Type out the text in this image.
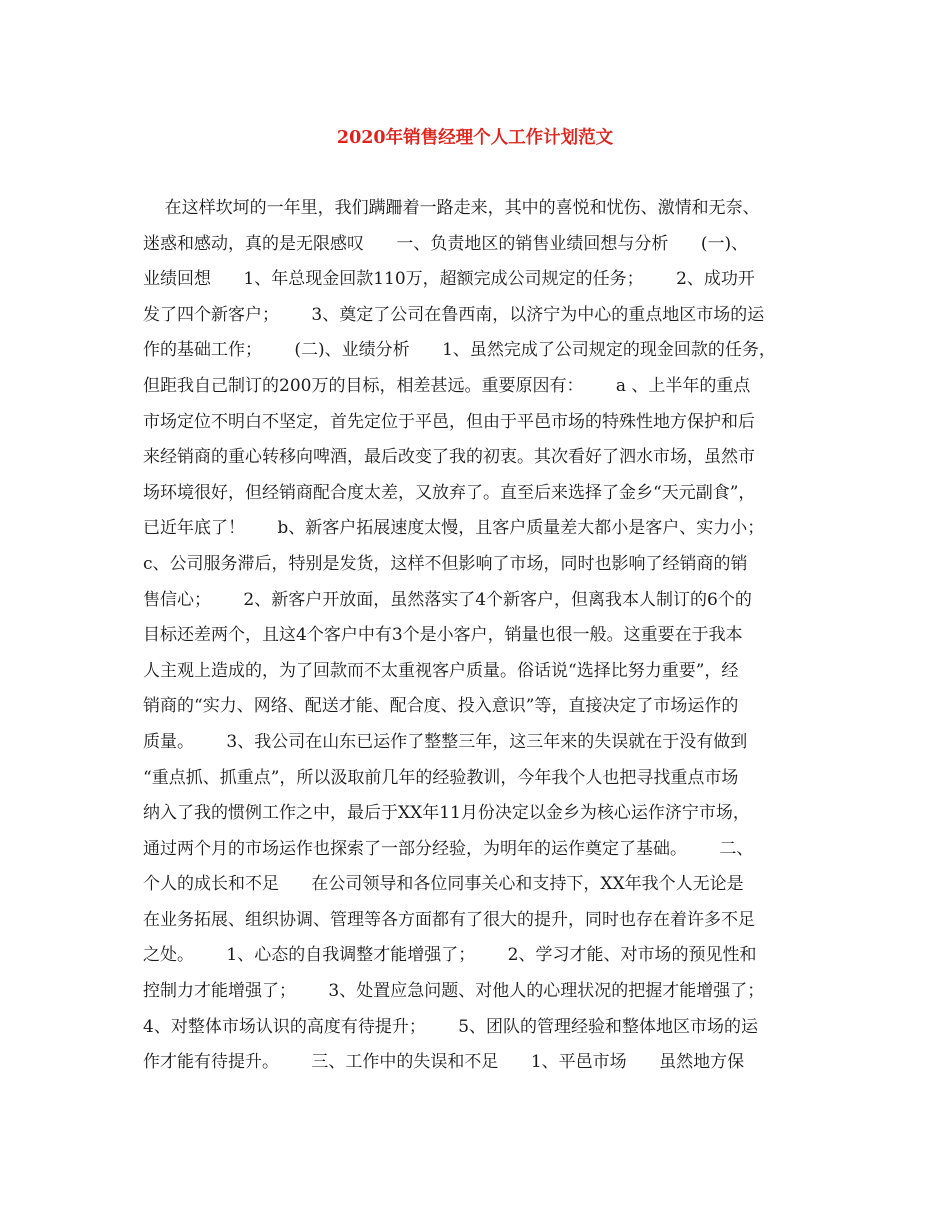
2020年销售经理个人工作计划范文
在这样坎坷的一年里，我们蹒跚着一路走来，其中的喜悦和忧伤、激情和无奈、
迷惑和感动，真的是无限感叹      一、负责地区的销售业绩回想与分析      (一)、
业绩回想      1、年总现金回款110万，超额完成公司规定的任务；      2、成功开
发了四个新客户；      3、奠定了公司在鲁西南，以济宁为中心的重点地区市场的运
作的基础工作；      (二)、业绩分析      1、虽然完成了公司规定的现金回款的任务，
但距我自己制订的200万的目标，相差甚远。重要原因有：      a 、上半年的重点
市场定位不明白不坚定，首先定位于平邑，但由于平邑市场的特殊性地方保护和后
来经销商的重心转移向啤酒，最后改变了我的初衷。其次看好了泗水市场，虽然市
场环境很好，但经销商配合度太差，又放弃了。直至后来选择了金乡“天元副食”，
已近年底了！      b、新客户拓展速度太慢，且客户质量差大都小是客户、实力小；
c、公司服务滞后，特别是发货，这样不但影响了市场，同时也影响了经销商的销
售信心；      2、新客户开放面，虽然落实了4个新客户，但离我本人制订的6个的
目标还差两个，且这4个客户中有3个是小客户，销量也很一般。这重要在于我本
人主观上造成的，为了回款而不太重视客户质量。俗话说“选择比努力重要”，经
销商的“实力、网络、配送才能、配合度、投入意识”等，直接决定了市场运作的
质量。      3、我公司在山东已运作了整整三年，这三年来的失误就在于没有做到
“重点抓、抓重点”，所以汲取前几年的经验教训，今年我个人也把寻找重点市场
纳入了我的惯例工作之中，最后于XX年11月份决定以金乡为核心运作济宁市场，
通过两个月的市场运作也探索了一部分经验，为明年的运作奠定了基础。      二、
个人的成长和不足      在公司领导和各位同事关心和支持下，XX年我个人无论是
在业务拓展、组织协调、管理等各方面都有了很大的提升，同时也存在着许多不足
之处。      1、心态的自我调整才能增强了；      2、学习才能、对市场的预见性和
控制力才能增强了；      3、处置应急问题、对他人的心理状况的把握才能增强了；
4、对整体市场认识的高度有待提升；      5、团队的管理经验和整体地区市场的运
作才能有待提升。      三、工作中的失误和不足      1、平邑市场      虽然地方保
